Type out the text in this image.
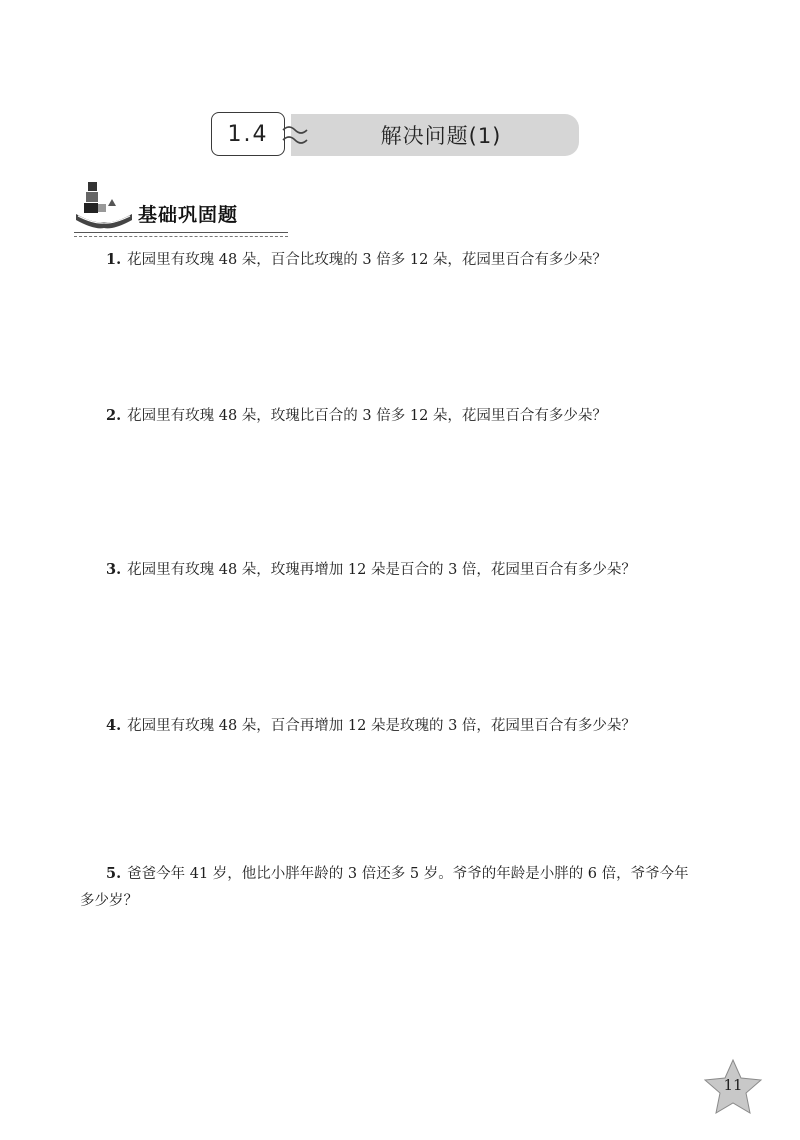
1.4	解决问题(1)
基础巩固题
1. 花园里有玫瑰 48 朵，百合比玫瑰的 3 倍多 12 朵，花园里百合有多少朵？
2. 花园里有玫瑰 48 朵，玫瑰比百合的 3 倍多 12 朵，花园里百合有多少朵？
3. 花园里有玫瑰 48 朵，玫瑰再增加 12 朵是百合的 3 倍，花园里百合有多少朵？
4. 花园里有玫瑰 48 朵，百合再增加 12 朵是玫瑰的 3 倍，花园里百合有多少朵？
5. 爸爸今年 41 岁，他比小胖年龄的 3 倍还多 5 岁。爷爷的年龄是小胖的 6 倍，爷爷今年
多少岁？
11
